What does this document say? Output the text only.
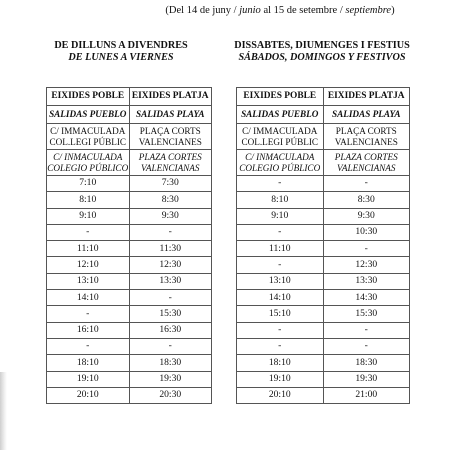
(Del 14 de juny / junio al 15 de setembre / septiembre)
DE DILLUNS A DIVENDRES
DE LUNES A VIERNES
DISSABTES, DIUMENGES I FESTIUS
SÁBADOS, DOMINGOS Y FESTIVOS
EIXIDES POBLE	EIXIDES PLATJA
SALIDAS PUEBLO	SALIDAS PLAYA
C/ IMMACULADA COL.LEGI PÚBLIC	PLAÇA CORTS VALENCIANES
C/ INMACULADA COLEGIO PÚBLICO	PLAZA CORTES VALENCIANAS
7:10	7:30
8:10	8:30
9:10	9:30
-	-
11:10	11:30
12:10	12:30
13:10	13:30
14:10	-
-	15:30
16:10	16:30
-	-
18:10	18:30
19:10	19:30
20:10	20:30
EIXIDES POBLE	EIXIDES PLATJA
SALIDAS PUEBLO	SALIDAS PLAYA
C/ IMMACULADA COL.LEGI PÚBLIC	PLAÇA CORTS VALENCIANES
C/ INMACULADA COLEGIO PÚBLICO	PLAZA CORTES VALENCIANAS
-	-
8:10	8:30
9:10	9:30
-	10:30
11:10	-
-	12:30
13:10	13:30
14:10	14:30
15:10	15:30
-	-
-	-
18:10	18:30
19:10	19:30
20:10	21:00
